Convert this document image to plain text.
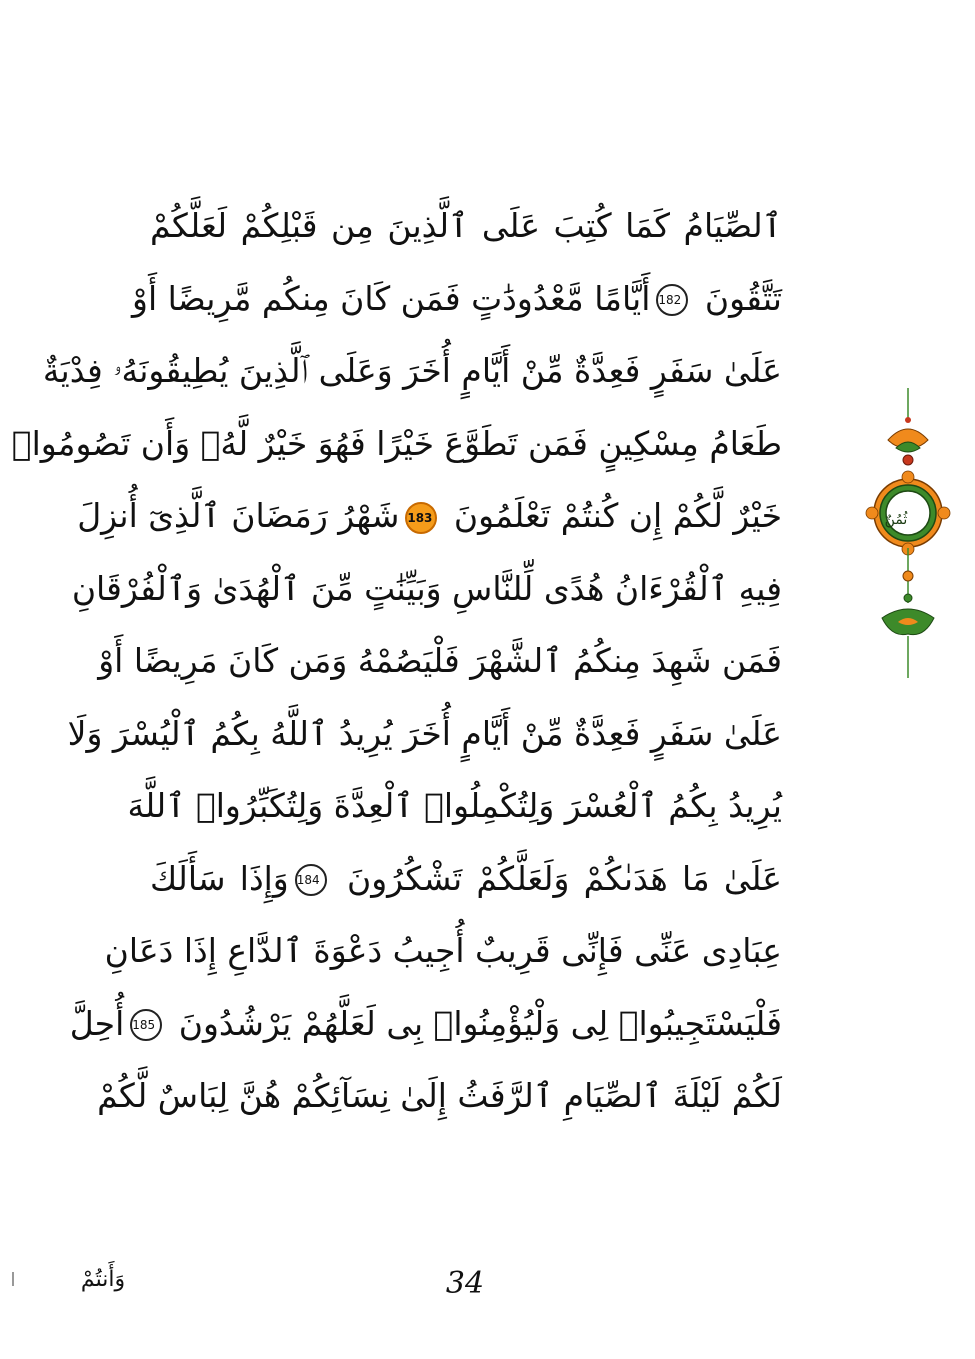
ٱلصِّيَامُ كَمَا كُتِبَ عَلَى ٱلَّذِينَ مِن قَبْلِكُمْ لَعَلَّكُمْ
تَتَّقُونَ 182أَيَّامًا مَّعْدُودَٰتٍ فَمَن كَانَ مِنكُم مَّرِيضًا أَوْ
عَلَىٰ سَفَرٍ فَعِدَّةٌ مِّنْ أَيَّامٍ أُخَرَ وَعَلَى ٱلَّذِينَ يُطِيقُونَهُۥ فِدْيَةٌ
طَعَامُ مِسْكِينٍ فَمَن تَطَوَّعَ خَيْرًا فَهُوَ خَيْرٌ لَّهُۥ وَأَن تَصُومُوا۟
خَيْرٌ لَّكُمْ إِن كُنتُمْ تَعْلَمُونَ 183شَهْرُ رَمَضَانَ ٱلَّذِىٓ أُنزِلَ
فِيهِ ٱلْقُرْءَانُ هُدًى لِّلنَّاسِ وَبَيِّنَٰتٍ مِّنَ ٱلْهُدَىٰ وَٱلْفُرْقَانِ
فَمَن شَهِدَ مِنكُمُ ٱلشَّهْرَ فَلْيَصُمْهُ وَمَن كَانَ مَرِيضًا أَوْ
عَلَىٰ سَفَرٍ فَعِدَّةٌ مِّنْ أَيَّامٍ أُخَرَ يُرِيدُ ٱللَّهُ بِكُمُ ٱلْيُسْرَ وَلَا
يُرِيدُ بِكُمُ ٱلْعُسْرَ وَلِتُكْمِلُوا۟ ٱلْعِدَّةَ وَلِتُكَبِّرُوا۟ ٱللَّهَ
عَلَىٰ مَا هَدَىٰكُمْ وَلَعَلَّكُمْ تَشْكُرُونَ 184وَإِذَا سَأَلَكَ
عِبَادِى عَنِّى فَإِنِّى قَرِيبٌ أُجِيبُ دَعْوَةَ ٱلدَّاعِ إِذَا دَعَانِ
فَلْيَسْتَجِيبُوا۟ لِى وَلْيُؤْمِنُوا۟ بِى لَعَلَّهُمْ يَرْشُدُونَ 185أُحِلَّ
لَكُمْ لَيْلَةَ ٱلصِّيَامِ ٱلرَّفَثُ إِلَىٰ نِسَآئِكُمْ هُنَّ لِبَاسٌ لَّكُمْ
ثُمُنٌ
وَأَنتُمْ	34
